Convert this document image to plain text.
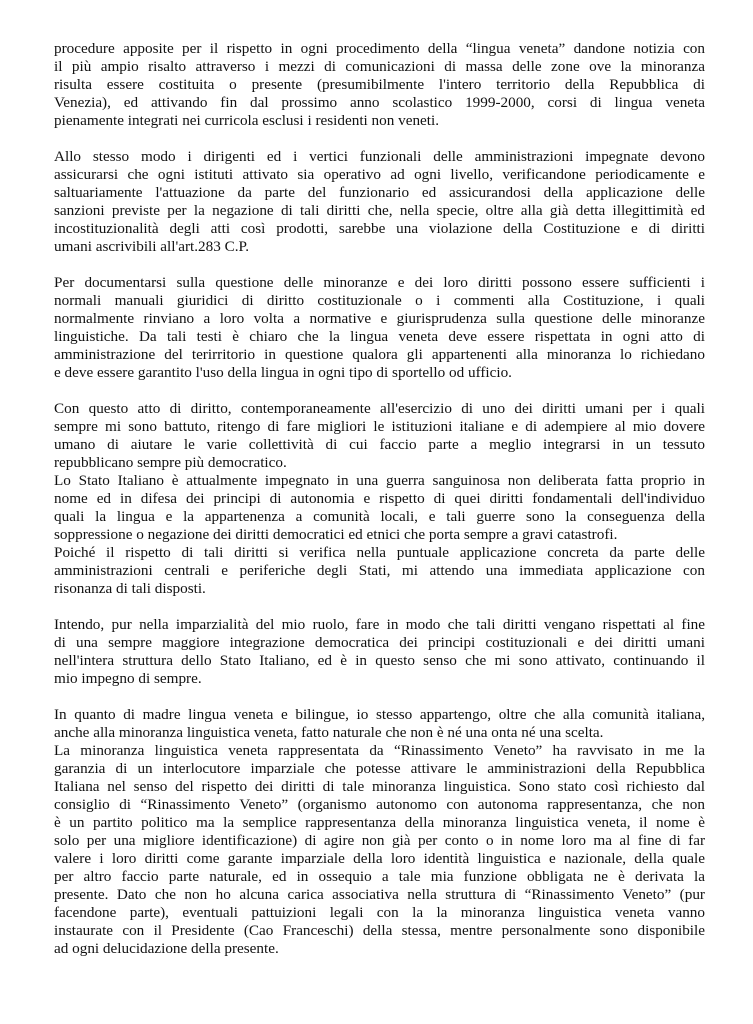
procedure apposite per il rispetto in ogni procedimento della “lingua veneta” dandone notizia con
il più ampio risalto attraverso i mezzi di comunicazioni di massa delle zone ove la minoranza
risulta essere costituita o presente (presumibilmente l'intero territorio della Repubblica di
Venezia), ed attivando fin dal prossimo anno scolastico 1999-2000, corsi di lingua veneta
pienamente integrati nei curricola esclusi i residenti non veneti.
Allo stesso modo i dirigenti ed i vertici funzionali delle amministrazioni impegnate devono
assicurarsi che ogni istituti attivato sia operativo ad ogni livello, verificandone periodicamente e
saltuariamente l'attuazione da parte del funzionario ed assicurandosi della applicazione delle
sanzioni previste per la negazione di tali diritti che, nella specie, oltre alla già detta illegittimità ed
incostituzionalità degli atti così prodotti, sarebbe una violazione della Costituzione e di diritti
umani ascrivibili all'art.283 C.P.
Per documentarsi sulla questione delle minoranze e dei loro diritti possono essere sufficienti i
normali manuali giuridici di diritto costituzionale o i commenti alla Costituzione, i quali
normalmente rinviano a loro volta a normative e giurisprudenza sulla questione delle minoranze
linguistiche. Da tali testi è chiaro che la lingua veneta deve essere rispettata in ogni atto di
amministrazione del terirritorio in questione qualora gli appartenenti alla minoranza lo richiedano
e deve essere garantito l'uso della lingua in ogni tipo di sportello od ufficio.
Con questo atto di diritto, contemporaneamente all'esercizio di uno dei diritti umani per i quali
sempre mi sono battuto, ritengo di fare migliori le istituzioni italiane e di adempiere al mio dovere
umano di aiutare le varie collettività di cui faccio parte a meglio integrarsi in un tessuto
repubblicano sempre più democratico.
Lo Stato Italiano è attualmente impegnato in una guerra sanguinosa non deliberata fatta proprio in
nome ed in difesa dei principi di autonomia e rispetto di quei diritti fondamentali dell'individuo
quali la lingua e la appartenenza a comunità locali, e tali guerre sono la conseguenza della
soppressione o negazione dei diritti democratici ed etnici che porta sempre a gravi catastrofi.
Poiché il rispetto di tali diritti si verifica nella puntuale applicazione concreta da parte delle
amministrazioni centrali e periferiche degli Stati, mi attendo una immediata applicazione con
risonanza di tali disposti.
Intendo, pur nella imparzialità del mio ruolo, fare in modo che tali diritti vengano rispettati al fine
di una sempre maggiore integrazione democratica dei principi costituzionali e dei diritti umani
nell'intera struttura dello Stato Italiano, ed è in questo senso che mi sono attivato, continuando il
mio impegno di sempre.
In quanto di madre lingua veneta e bilingue, io stesso appartengo, oltre che alla comunità italiana,
anche alla minoranza linguistica veneta, fatto naturale che non è né una onta né una scelta.
La minoranza linguistica veneta rappresentata da “Rinassimento Veneto” ha ravvisato in me la
garanzia di un interlocutore imparziale che potesse attivare le amministrazioni della Repubblica
Italiana nel senso del rispetto dei diritti di tale minoranza linguistica. Sono stato così richiesto dal
consiglio di “Rinassimento Veneto” (organismo autonomo con autonoma rappresentanza, che non
è un partito politico ma la semplice rappresentanza della minoranza linguistica veneta, il nome è
solo per una migliore identificazione) di agire non già per conto o in nome loro ma al fine di far
valere i loro diritti come garante imparziale della loro identità linguistica e nazionale, della quale
per altro faccio parte naturale, ed in ossequio a tale mia funzione obbligata ne è derivata la
presente. Dato che non ho alcuna carica associativa nella struttura di “Rinassimento Veneto” (pur
facendone parte), eventuali pattuizioni legali con la la minoranza linguistica veneta vanno
instaurate con il Presidente (Cao Franceschi) della stessa, mentre personalmente sono disponibile
ad ogni delucidazione della presente.
